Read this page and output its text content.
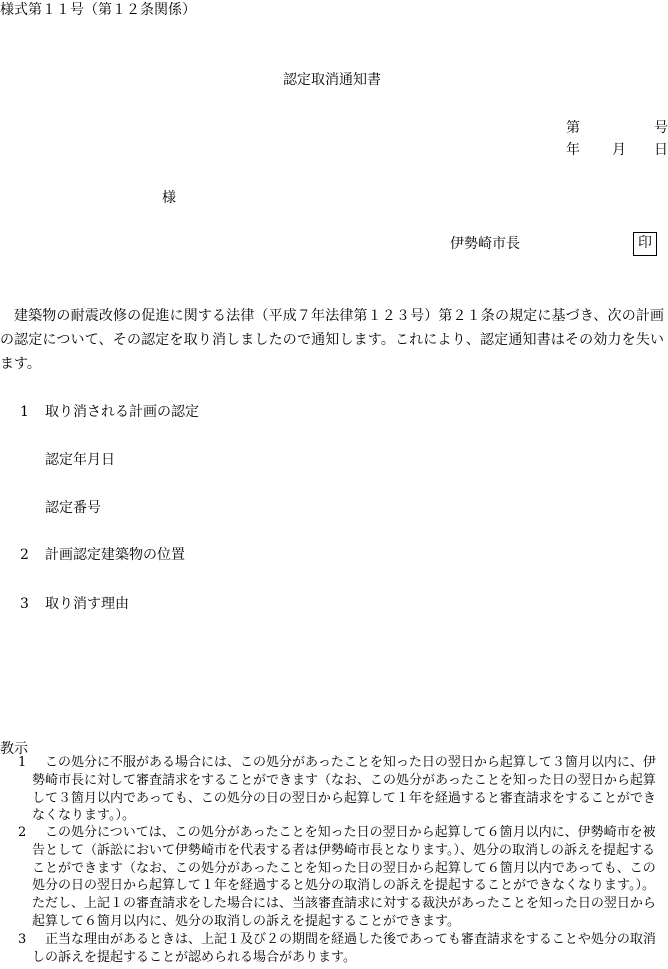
様式第１１号（第１２条関係）
認定取消通知書
第	号
年 月 日
様
伊勢崎市長	印
建築物の耐震改修の促進に関する法律（平成７年法律第１２３号）第２１条の規定に基づき、次の計画の認定について、その認定を取り消しましたので通知します。これにより、認定通知書はその効力を失います。
1 取り消される計画の認定
認定年月日
認定番号
2 計画認定建築物の位置
3 取り消す理由
教示
1	この処分に不服がある場合には、この処分があったことを知った日の翌日から起算して３箇月以内に、伊勢崎市長に対して審査請求をすることができます（なお、この処分があったことを知った日の翌日から起算して３箇月以内であっても、この処分の日の翌日から起算して１年を経過すると審査請求をすることができなくなります。）。
2	この処分については、この処分があったことを知った日の翌日から起算して６箇月以内に、伊勢崎市を被告として（訴訟において伊勢崎市を代表する者は伊勢崎市長となります。）、処分の取消しの訴えを提起することができます（なお、この処分があったことを知った日の翌日から起算して６箇月以内であっても、この処分の日の翌日から起算して１年を経過すると処分の取消しの訴えを提起することができなくなります。）。ただし、上記１の審査請求をした場合には、当該審査請求に対する裁決があったことを知った日の翌日から起算して６箇月以内に、処分の取消しの訴えを提起することができます。
3	正当な理由があるときは、上記１及び２の期間を経過した後であっても審査請求をすることや処分の取消しの訴えを提起することが認められる場合があります。
